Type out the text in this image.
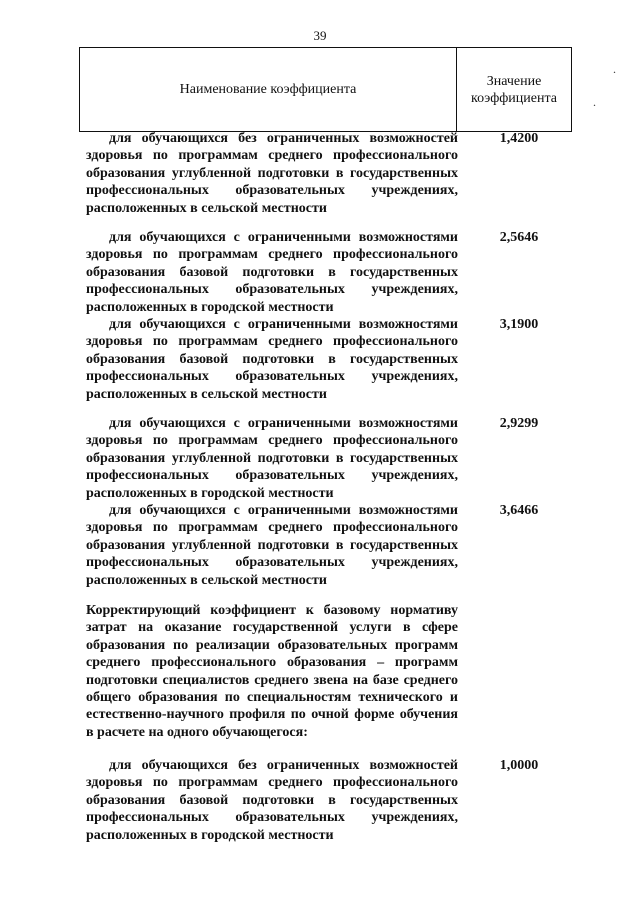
39
Наименование коэффициента
Значение
коэффициента
для обучающихся без ограниченных возможностей здоровья по программам среднего профессионального образования углубленной подготовки в государственных профессиональных образовательных учреждениях, расположенных в сельской местности
1,4200
для обучающихся с ограниченными возможностями здоровья по программам среднего профессионального образования базовой подготовки в государственных профессиональных образовательных учреждениях, расположенных в городской местности
2,5646
для обучающихся с ограниченными возможностями здоровья по программам среднего профессионального образования базовой подготовки в государственных профессиональных образовательных учреждениях, расположенных в сельской местности
3,1900
для обучающихся с ограниченными возможностями здоровья по программам среднего профессионального образования углубленной подготовки в государственных профессиональных образовательных учреждениях, расположенных в городской местности
2,9299
для обучающихся с ограниченными возможностями здоровья по программам среднего профессионального образования углубленной подготовки в государственных профессиональных образовательных учреждениях, расположенных в сельской местности
3,6466
Корректирующий коэффициент к базовому нормативу затрат на оказание государственной услуги в сфере образования по реализации образовательных программ среднего профессионального образования – программ подготовки специалистов среднего звена на базе среднего общего образования по специальностям технического и естественно-научного профиля по очной форме обучения в расчете на одного обучающегося:
для обучающихся без ограниченных возможностей здоровья по программам среднего профессионального образования базовой подготовки в государственных профессиональных образовательных учреждениях, расположенных в городской местности
1,0000
.
.
